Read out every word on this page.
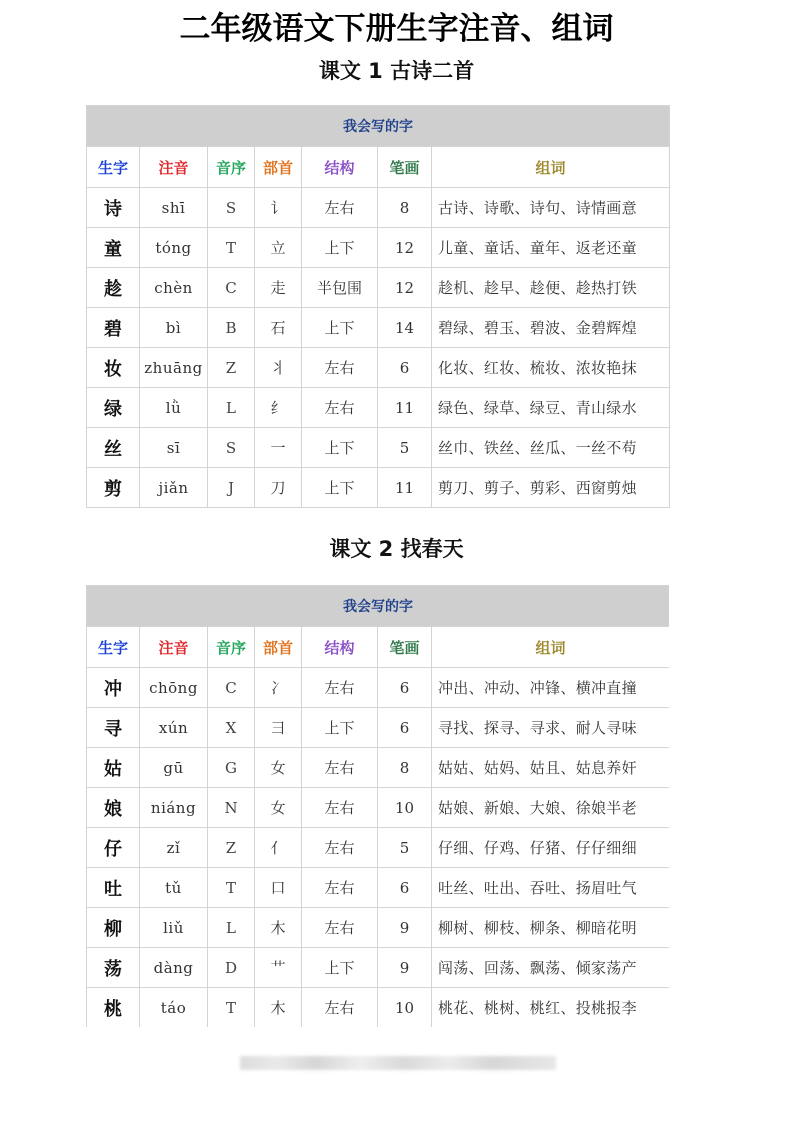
二年级语文下册生字注音、组词
课文 1 古诗二首
我会写的字						
生字	注音	音序	部首	结构	笔画	组词
诗	shī	S	讠	左右	8	古诗、诗歌、诗句、诗情画意
童	tóng	T	立	上下	12	儿童、童话、童年、返老还童
趁	chèn	C	走	半包围	12	趁机、趁早、趁便、趁热打铁
碧	bì	B	石	上下	14	碧绿、碧玉、碧波、金碧辉煌
妆	zhuāng	Z	丬	左右	6	化妆、红妆、梳妆、浓妆艳抹
绿	lǜ	L	纟	左右	11	绿色、绿草、绿豆、青山绿水
丝	sī	S	一	上下	5	丝巾、铁丝、丝瓜、一丝不苟
剪	jiǎn	J	刀	上下	11	剪刀、剪子、剪彩、西窗剪烛
课文 2 找春天
我会写的字						
生字	注音	音序	部首	结构	笔画	组词
冲	chōng	C	冫	左右	6	冲出、冲动、冲锋、横冲直撞
寻	xún	X	彐	上下	6	寻找、探寻、寻求、耐人寻味
姑	gū	G	女	左右	8	姑姑、姑妈、姑且、姑息养奸
娘	niáng	N	女	左右	10	姑娘、新娘、大娘、徐娘半老
仔	zǐ	Z	亻	左右	5	仔细、仔鸡、仔猪、仔仔细细
吐	tǔ	T	口	左右	6	吐丝、吐出、吞吐、扬眉吐气
柳	liǔ	L	木	左右	9	柳树、柳枝、柳条、柳暗花明
荡	dàng	D	艹	上下	9	闯荡、回荡、飘荡、倾家荡产
桃	táo	T	木	左右	10	桃花、桃树、桃红、投桃报李
